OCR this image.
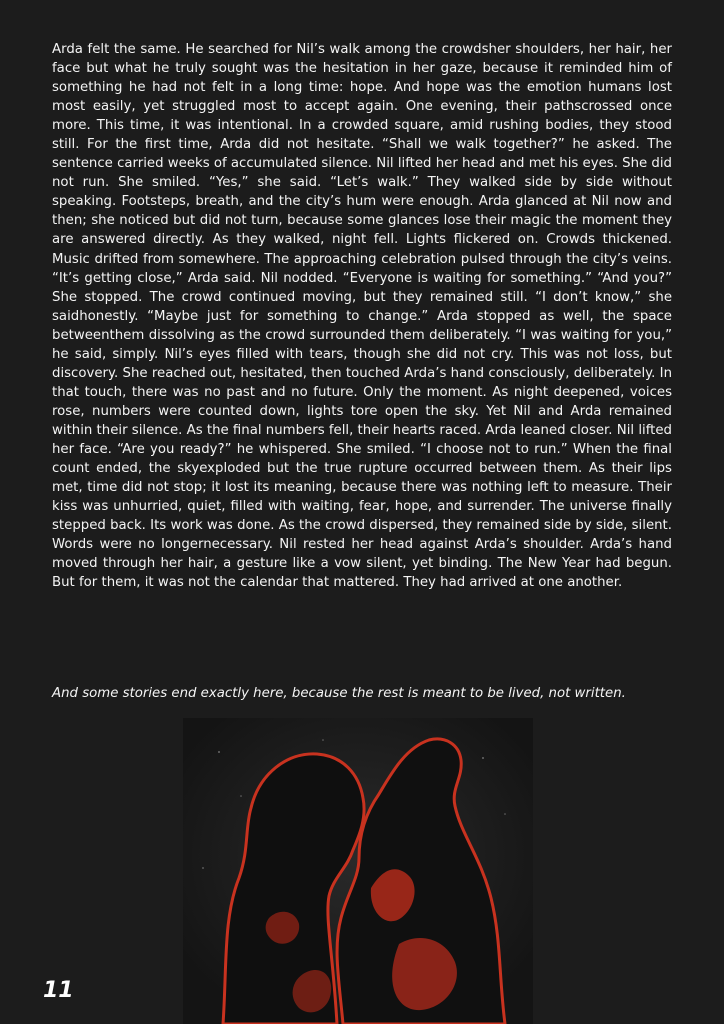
Arda felt the same. He searched for Nil’s walk among the crowdsher shoulders, her hair, her face but what he truly sought was the hesitation in her gaze, because it reminded him of something he had not felt in a long time: hope. And hope was the emotion humans lost most easily, yet struggled most to accept again. One evening, their pathscrossed once more. This time, it was intentional. In a crowded square, amid rushing bodies, they stood still. For the first time, Arda did not hesitate. “Shall we walk together?” he asked. The sentence carried weeks of accumulated silence. Nil lifted her head and met his eyes. She did not run. She smiled. “Yes,” she said. “Let’s walk.” They walked side by side without speaking. Footsteps, breath, and the city’s hum were enough. Arda glanced at Nil now and then; she noticed but did not turn, because some glances lose their magic the moment they are answered directly. As they walked, night fell. Lights flickered on. Crowds thickened. Music drifted from somewhere. The approaching celebration pulsed through the city’s veins. “It’s getting close,” Arda said. Nil nodded. “Everyone is waiting for something.” “And you?” She stopped. The crowd continued moving, but they remained still. “I don’t know,” she saidhonestly. “Maybe just for something to change.” Arda stopped as well, the space betweenthem dissolving as the crowd surrounded them deliberately. “I was waiting for you,” he said, simply. Nil’s eyes filled with tears, though she did not cry. This was not loss, but discovery. She reached out, hesitated, then touched Arda’s hand consciously, deliberately. In that touch, there was no past and no future. Only the moment. As night deepened, voices rose, numbers were counted down, lights tore open the sky. Yet Nil and Arda remained within their silence. As the final numbers fell, their hearts raced. Arda leaned closer. Nil lifted her face. “Are you ready?” he whispered. She smiled. “I choose not to run.” When the final count ended, the skyexploded but the true rupture occurred between them. As their lips met, time did not stop; it lost its meaning, because there was nothing left to measure. Their kiss was unhurried, quiet, filled with waiting, fear, hope, and surrender. The universe finally stepped back. Its work was done. As the crowd dispersed, they remained side by side, silent. Words were no longernecessary. Nil rested her head against Arda’s shoulder. Arda’s hand moved through her hair, a gesture like a vow silent, yet binding. The New Year had begun. But for them, it was not the calendar that mattered. They had arrived at one another.

And some stories end exactly here, because the rest is meant to be lived, not written.

11
